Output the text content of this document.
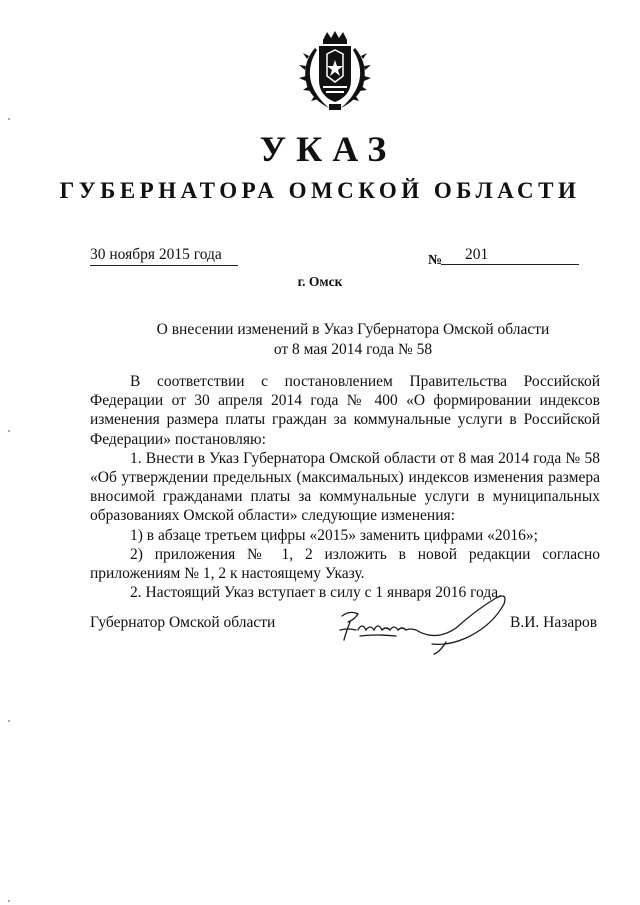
УКАЗ
ГУБЕРНАТОРА ОМСКОЙ ОБЛАСТИ
30 ноября 2015 года	№	201
г. Омск
О внесении изменений в Указ Губернатора Омской области
от 8 мая 2014 года № 58

В соответствии с постановлением Правительства Российской Федерации от 30 апреля 2014 года № 400 «О формировании индексов изменения размера платы граждан за коммунальные услуги в Российской Федерации» постановляю:

1. Внести в Указ Губернатора Омской области от 8 мая 2014 года № 58 «Об утверждении предельных (максимальных) индексов изменения размера вносимой гражданами платы за коммунальные услуги в муниципальных образованиях Омской области» следующие изменения:

1) в абзаце третьем цифры «2015» заменить цифрами «2016»;

2) приложения № 1, 2 изложить в новой редакции согласно приложениям № 1, 2 к настоящему Указу.

2. Настоящий Указ вступает в силу с 1 января 2016 года.

Губернатор Омской области	В.И. Назаров
